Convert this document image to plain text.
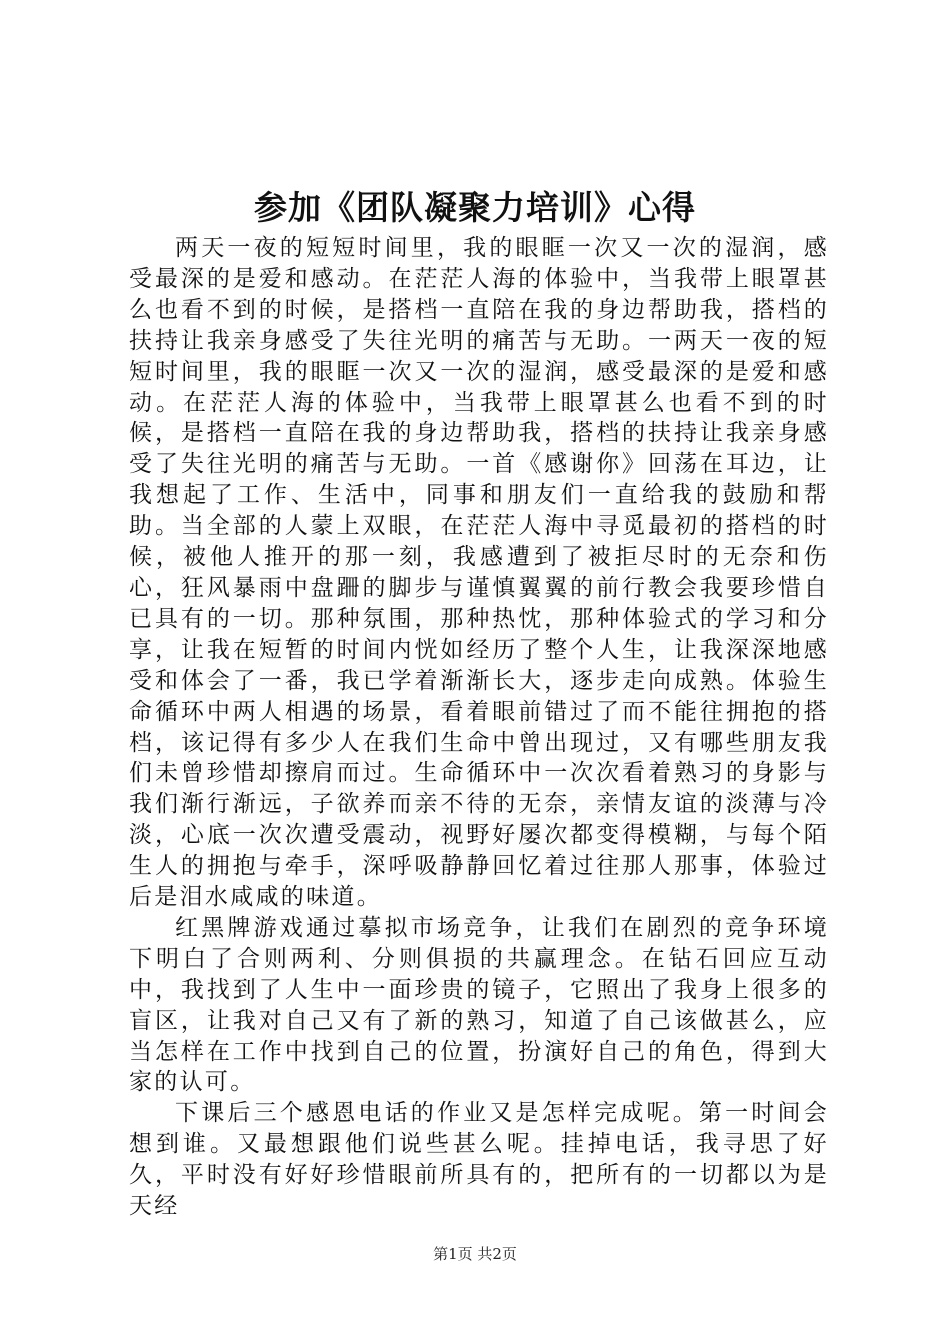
参加《团队凝聚力培训》心得

两天一夜的短短时间里，我的眼眶一次又一次的湿润，感受最深的是爱和感动。在茫茫人海的体验中，当我带上眼罩甚么也看不到的时候，是搭档一直陪在我的身边帮助我，搭档的扶持让我亲身感受了失往光明的痛苦与无助。一两天一夜的短短时间里，我的眼眶一次又一次的湿润，感受最深的是爱和感动。在茫茫人海的体验中，当我带上眼罩甚么也看不到的时候，是搭档一直陪在我的身边帮助我，搭档的扶持让我亲身感受了失往光明的痛苦与无助。一首《感谢你》回荡在耳边，让我想起了工作、生活中，同事和朋友们一直给我的鼓励和帮助。当全部的人蒙上双眼，在茫茫人海中寻觅最初的搭档的时候，被他人推开的那一刻，我感遭到了被拒尽时的无奈和伤心，狂风暴雨中盘跚的脚步与谨慎翼翼的前行教会我要珍惜自已具有的一切。那种氛围，那种热忱，那种体验式的学习和分享，让我在短暂的时间内恍如经历了整个人生，让我深深地感受和体会了一番，我已学着渐渐长大，逐步走向成熟。体验生命循环中两人相遇的场景，看着眼前错过了而不能往拥抱的搭档，该记得有多少人在我们生命中曾出现过，又有哪些朋友我们未曾珍惜却擦肩而过。生命循环中一次次看着熟习的身影与我们渐行渐远，子欲养而亲不待的无奈，亲情友谊的淡薄与冷淡，心底一次次遭受震动，视野好屡次都变得模糊，与每个陌生人的拥抱与牵手，深呼吸静静回忆着过往那人那事，体验过后是泪水咸咸的味道。

红黑牌游戏通过摹拟市场竞争，让我们在剧烈的竞争环境下明白了合则两利、分则俱损的共赢理念。在钻石回应互动中，我找到了人生中一面珍贵的镜子，它照出了我身上很多的盲区，让我对自己又有了新的熟习，知道了自己该做甚么，应当怎样在工作中找到自己的位置，扮演好自己的角色，得到大家的认可。

下课后三个感恩电话的作业又是怎样完成呢。第一时间会想到谁。又最想跟他们说些甚么呢。挂掉电话，我寻思了好久，平时没有好好珍惜眼前所具有的，把所有的一切都以为是天经

第1页 共2页
